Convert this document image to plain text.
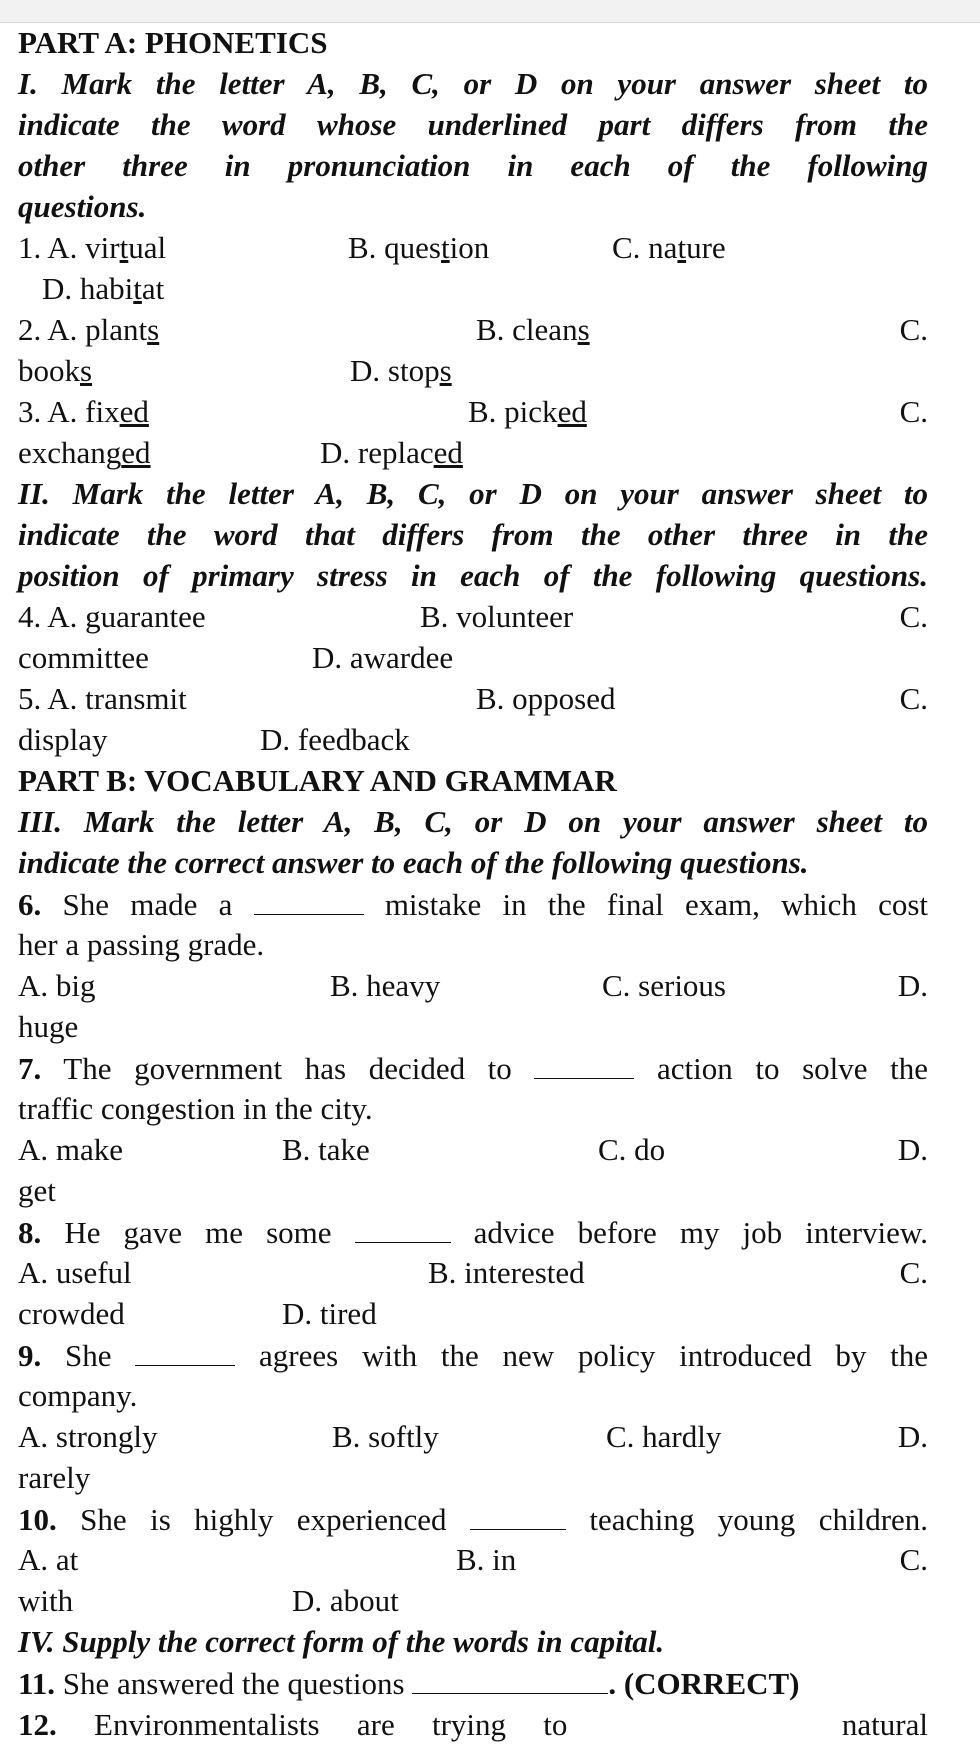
PART A: PHONETICS
I. Mark the letter A, B, C, or D on your answer sheet to
indicate the word whose underlined part differs from the
other three in pronunciation in each of the following
questions.
1. A. virtual	B. question	C. nature
D. habitat
2. A. plants	B. cleans	C.
books	D. stops
3. A. fixed	B. picked	C.
exchanged	D. replaced
II. Mark the letter A, B, C, or D on your answer sheet to
indicate the word that differs from the other three in the
position of primary stress in each of the following questions.
4. A. guarantee	B. volunteer	C.
committee	D. awardee
5. A. transmit	B. opposed	C.
display	D. feedback
PART B: VOCABULARY AND GRAMMAR
III. Mark the letter A, B, C, or D on your answer sheet to
indicate the correct answer to each of the following questions.
6. She made a	mistake in the final exam, which cost
her a passing grade.
A. big	B. heavy	C. serious	D.
huge
7. The government has decided to	action to solve the
traffic congestion in the city.
A. make	B. take	C. do	D.
get
8. He gave me some	advice before my job interview.
A. useful	B. interested	C.
crowded	D. tired
9. She	agrees with the new policy introduced by the
company.
A. strongly	B. softly	C. hardly	D.
rarely
10. She is highly experienced	teaching young children.
A. at	B. in	C.
with	D. about
IV. Supply the correct form of the words in capital.
11. She answered the questions	. (CORRECT)
12. Environmentalists are trying to	natural
